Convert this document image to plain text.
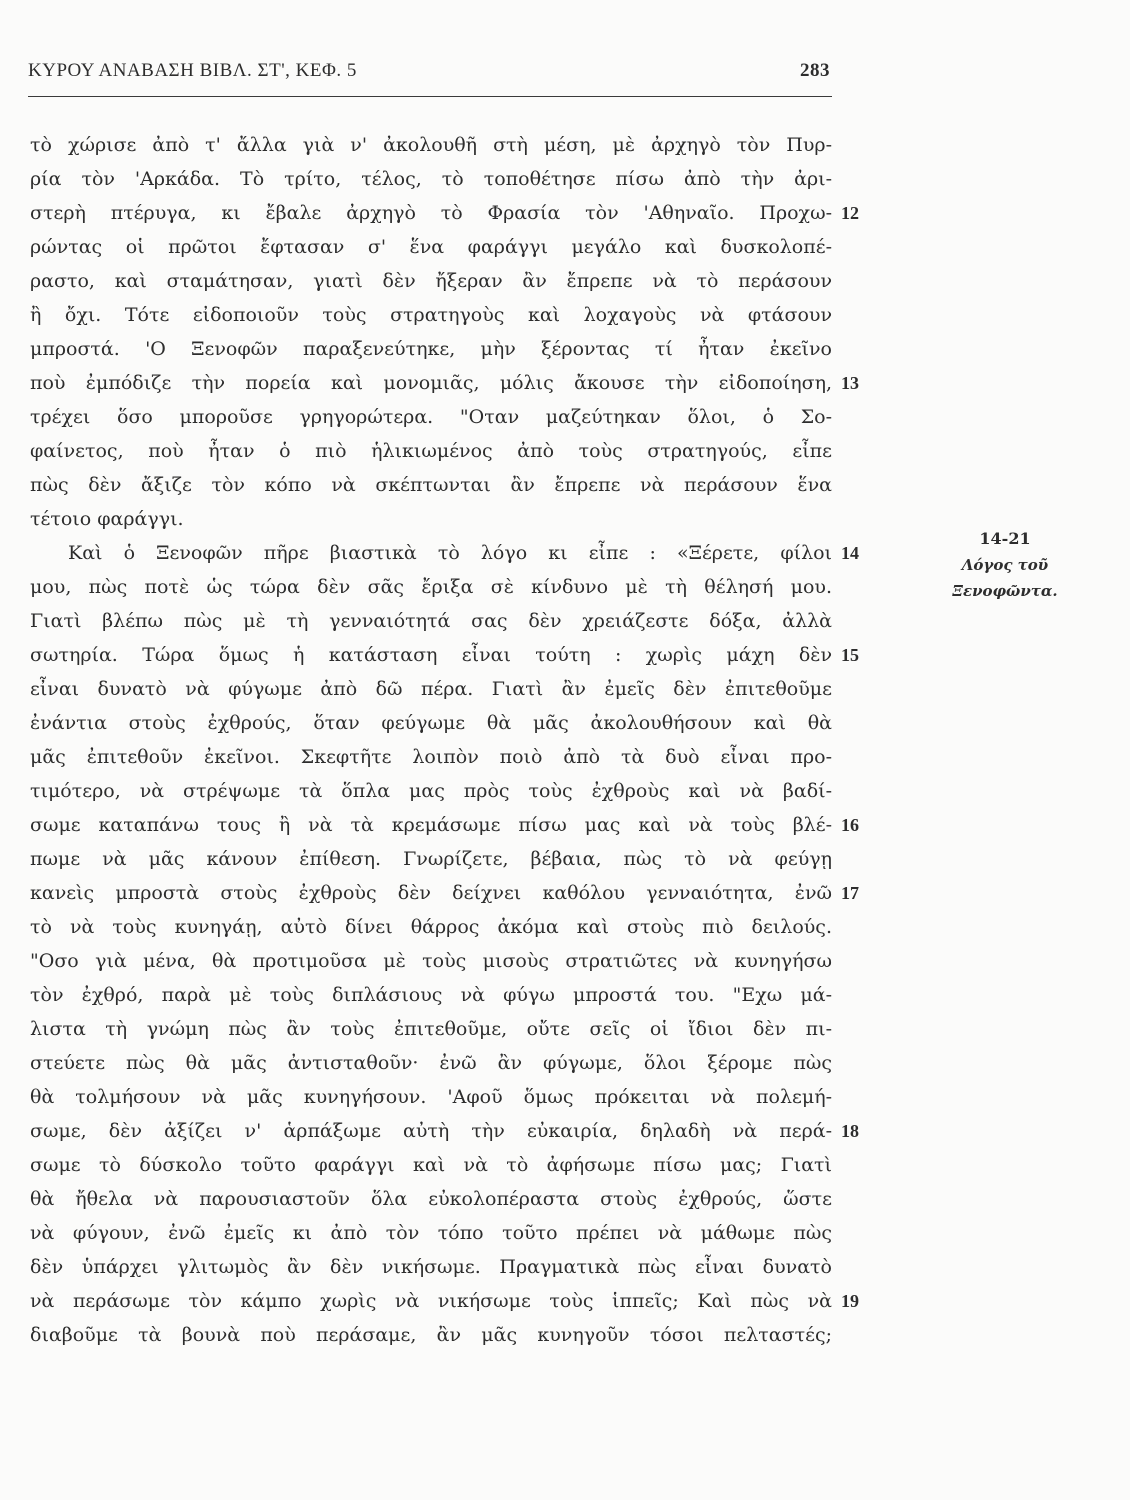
ΚΥΡΟΥ ΑΝΑΒΑΣΗ ΒΙΒΛ. ΣΤ', ΚΕΦ. 5	283
τὸ χώρισε ἀπὸ τ' ἄλλα γιὰ ν' ἀκολουθῆ στὴ μέση, μὲ ἀρχηγὸ τὸν Πυρ-
ρία τὸν 'Αρκάδα. Τὸ τρίτο, τέλος, τὸ τοποθέτησε πίσω ἀπὸ τὴν ἀρι-
στερὴ πτέρυγα, κι ἔβαλε ἀρχηγὸ τὸ Φρασία τὸν 'Αθηναῖο. Προχω-
ρώντας οἱ πρῶτοι ἔφτασαν σ' ἕνα φαράγγι μεγάλο καὶ δυσκολοπέ-
ραστο, καὶ σταμάτησαν, γιατὶ δὲν ἤξεραν ἂν ἔπρεπε νὰ τὸ περάσουν
ἢ ὄχι. Τότε εἰδοποιοῦν τοὺς στρατηγοὺς καὶ λοχαγοὺς νὰ φτάσουν
μπροστά. 'Ο Ξενοφῶν παραξενεύτηκε, μὴν ξέροντας τί ἦταν ἐκεῖνο
ποὺ ἐμπόδιζε τὴν πορεία καὶ μονομιᾶς, μόλις ἄκουσε τὴν εἰδοποίηση,
τρέχει ὅσο μποροῦσε γρηγορώτερα. "Οταν μαζεύτηκαν ὅλοι, ὁ Σο-
φαίνετος, ποὺ ἦταν ὁ πιὸ ἡλικιωμένος ἀπὸ τοὺς στρατηγούς, εἶπε
πὼς δὲν ἄξιζε τὸν κόπο νὰ σκέπτωνται ἂν ἔπρεπε νὰ περάσουν ἕνα
τέτοιο φαράγγι.
Καὶ ὁ Ξενοφῶν πῆρε βιαστικὰ τὸ λόγο κι εἶπε : «Ξέρετε, φίλοι
μου, πὼς ποτὲ ὡς τώρα δὲν σᾶς ἔριξα σὲ κίνδυνο μὲ τὴ θέλησή μου.
Γιατὶ βλέπω πὼς μὲ τὴ γενναιότητά σας δὲν χρειάζεστε δόξα, ἀλλὰ
σωτηρία. Τώρα ὅμως ἡ κατάσταση εἶναι τούτη : χωρὶς μάχη δὲν
εἶναι δυνατὸ νὰ φύγωμε ἀπὸ δῶ πέρα. Γιατὶ ἂν ἐμεῖς δὲν ἐπιτεθοῦμε
ἐνάντια στοὺς ἐχθρούς, ὅταν φεύγωμε θὰ μᾶς ἀκολουθήσουν καὶ θὰ
μᾶς ἐπιτεθοῦν ἐκεῖνοι. Σκεφτῆτε λοιπὸν ποιὸ ἀπὸ τὰ δυὸ εἶναι προ-
τιμότερο, νὰ στρέψωμε τὰ ὅπλα μας πρὸς τοὺς ἐχθροὺς καὶ νὰ βαδί-
σωμε καταπάνω τους ἢ νὰ τὰ κρεμάσωμε πίσω μας καὶ νὰ τοὺς βλέ-
πωμε νὰ μᾶς κάνουν ἐπίθεση. Γνωρίζετε, βέβαια, πὼς τὸ νὰ φεύγῃ
κανεὶς μπροστὰ στοὺς ἐχθροὺς δὲν δείχνει καθόλου γενναιότητα, ἐνῶ
τὸ νὰ τοὺς κυνηγάῃ, αὐτὸ δίνει θάρρος ἀκόμα καὶ στοὺς πιὸ δειλούς.
"Οσο γιὰ μένα, θὰ προτιμοῦσα μὲ τοὺς μισοὺς στρατιῶτες νὰ κυνηγήσω
τὸν ἐχθρό, παρὰ μὲ τοὺς διπλάσιους νὰ φύγω μπροστά του. "Εχω μά-
λιστα τὴ γνώμη πὼς ἂν τοὺς ἐπιτεθοῦμε, οὔτε σεῖς οἱ ἴδιοι δὲν πι-
στεύετε πὼς θὰ μᾶς ἀντισταθοῦν· ἐνῶ ἂν φύγωμε, ὅλοι ξέρομε πὼς
θὰ τολμήσουν νὰ μᾶς κυνηγήσουν. 'Αφοῦ ὅμως πρόκειται νὰ πολεμή-
σωμε, δὲν ἀξίζει ν' ἁρπάξωμε αὐτὴ τὴν εὐκαιρία, δηλαδὴ νὰ περά-
σωμε τὸ δύσκολο τοῦτο φαράγγι καὶ νὰ τὸ ἀφήσωμε πίσω μας; Γιατὶ
θὰ ἤθελα νὰ παρουσιαστοῦν ὅλα εὐκολοπέραστα στοὺς ἐχθρούς, ὥστε
νὰ φύγουν, ἐνῶ ἐμεῖς κι ἀπὸ τὸν τόπο τοῦτο πρέπει νὰ μάθωμε πὼς
δὲν ὑπάρχει γλιτωμὸς ἂν δὲν νικήσωμε. Πραγματικὰ πὼς εἶναι δυνατὸ
νὰ περάσωμε τὸν κάμπο χωρὶς νὰ νικήσωμε τοὺς ἱππεῖς; Καὶ πὼς νὰ
διαβοῦμε τὰ βουνὰ ποὺ περάσαμε, ἂν μᾶς κυνηγοῦν τόσοι πελταστές;
12
13
14
15
16
17
18
19
14-21
Λόγος τοῦ
Ξενοφῶντα.
